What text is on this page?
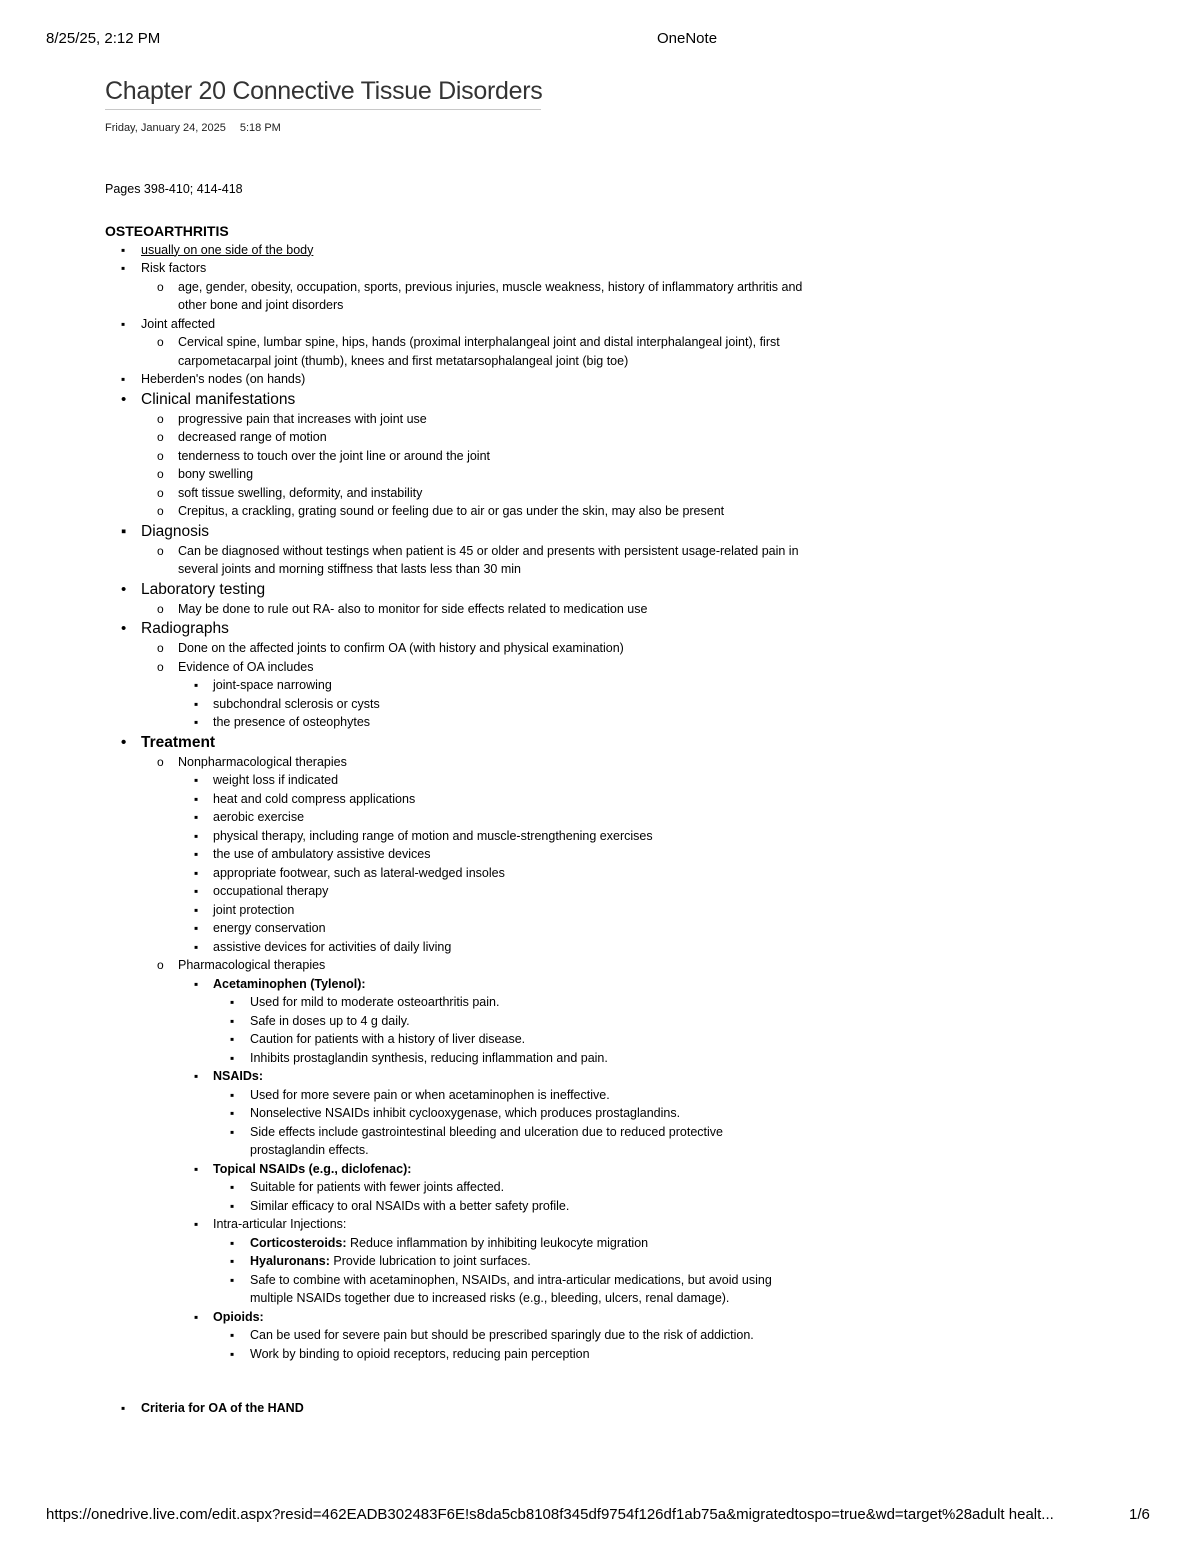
8/25/25, 2:12 PM	OneNote
Chapter 20 Connective Tissue Disorders
Friday, January 24, 2025 5:18 PM
Pages 398-410; 414-418
OSTEOARTHRITIS
▪
usually on one side of the body
▪
Risk factors
o
age, gender, obesity, occupation, sports, previous injuries, muscle weakness, history of inflammatory arthritis and other bone and joint disorders
▪
Joint affected
o
Cervical spine, lumbar spine, hips, hands (proximal interphalangeal joint and distal interphalangeal joint), first carpometacarpal joint (thumb), knees and first metatarsophalangeal joint (big toe)
▪
Heberden's nodes (on hands)
•
Clinical manifestations
o
progressive pain that increases with joint use
o
decreased range of motion
o
tenderness to touch over the joint line or around the joint
o
bony swelling
o
soft tissue swelling, deformity, and instability
o
Crepitus, a crackling, grating sound or feeling due to air or gas under the skin, may also be present
▪
Diagnosis
o
Can be diagnosed without testings when patient is 45 or older and presents with persistent usage-related pain in several joints and morning stiffness that lasts less than 30 min
•
Laboratory testing
o
May be done to rule out RA- also to monitor for side effects related to medication use
•
Radiographs
o
Done on the affected joints to confirm OA (with history and physical examination)
o
Evidence of OA includes
▪
joint-space narrowing
▪
subchondral sclerosis or cysts
▪
the presence of osteophytes
•
Treatment
o
Nonpharmacological therapies
▪
weight loss if indicated
▪
heat and cold compress applications
▪
aerobic exercise
▪
physical therapy, including range of motion and muscle-strengthening exercises
▪
the use of ambulatory assistive devices
▪
appropriate footwear, such as lateral-wedged insoles
▪
occupational therapy
▪
joint protection
▪
energy conservation
▪
assistive devices for activities of daily living
o
Pharmacological therapies
▪
Acetaminophen (Tylenol):
▪
Used for mild to moderate osteoarthritis pain.
▪
Safe in doses up to 4 g daily.
▪
Caution for patients with a history of liver disease.
▪
Inhibits prostaglandin synthesis, reducing inflammation and pain.
▪
NSAIDs:
▪
Used for more severe pain or when acetaminophen is ineffective.
▪
Nonselective NSAIDs inhibit cyclooxygenase, which produces prostaglandins.
▪
Side effects include gastrointestinal bleeding and ulceration due to reduced protective prostaglandin effects.
▪
Topical NSAIDs (e.g., diclofenac):
▪
Suitable for patients with fewer joints affected.
▪
Similar efficacy to oral NSAIDs with a better safety profile.
▪
Intra-articular Injections:
▪
Corticosteroids: Reduce inflammation by inhibiting leukocyte migration
▪
Hyaluronans: Provide lubrication to joint surfaces.
▪
Safe to combine with acetaminophen, NSAIDs, and intra-articular medications, but avoid using multiple NSAIDs together due to increased risks (e.g., bleeding, ulcers, renal damage).
▪
Opioids:
▪
Can be used for severe pain but should be prescribed sparingly due to the risk of addiction.
▪
Work by binding to opioid receptors, reducing pain perception
▪
Criteria for OA of the HAND
https://onedrive.live.com/edit.aspx?resid=462EADB302483F6E!s8da5cb8108f345df9754f126df1ab75a&migratedtospo=true&wd=target%28adult healt...	1/6
